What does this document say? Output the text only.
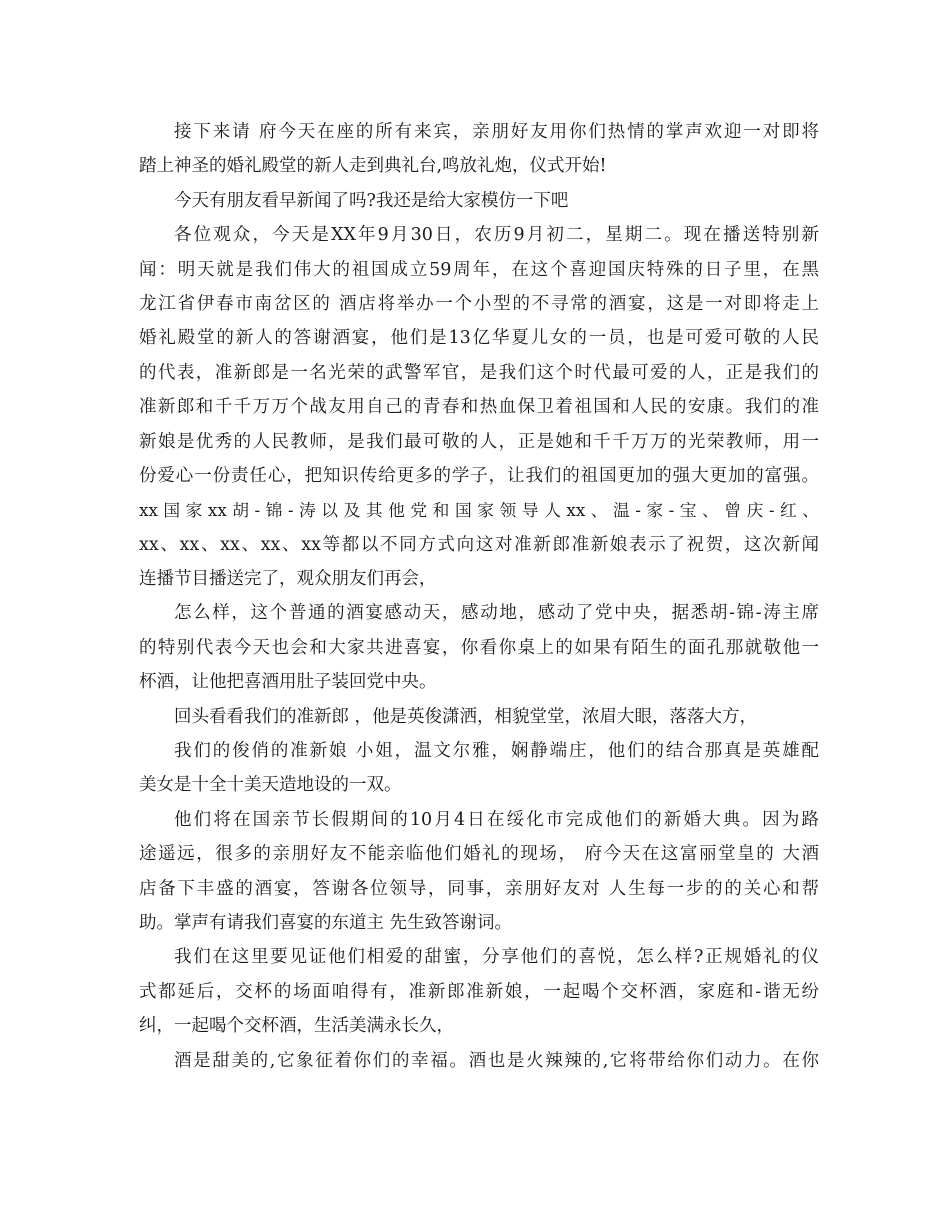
接下来请 府今天在座的所有来宾，亲朋好友用你们热情的掌声欢迎一对即将
踏上神圣的婚礼殿堂的新人走到典礼台,鸣放礼炮，仪式开始!
今天有朋友看早新闻了吗?我还是给大家模仿一下吧
各位观众，今天是XX年9月30日，农历9月初二，星期二。现在播送特别新
闻：明天就是我们伟大的祖国成立59周年，在这个喜迎国庆特殊的日子里，在黑
龙江省伊春市南岔区的 酒店将举办一个小型的不寻常的酒宴，这是一对即将走上
婚礼殿堂的新人的答谢酒宴，他们是13亿华夏儿女的一员，也是可爱可敬的人民
的代表，准新郎是一名光荣的武警军官，是我们这个时代最可爱的人，正是我们的
准新郎和千千万万个战友用自己的青春和热血保卫着祖国和人民的安康。我们的准
新娘是优秀的人民教师，是我们最可敬的人，正是她和千千万万的光荣教师，用一
份爱心一份责任心，把知识传给更多的学子，让我们的祖国更加的强大更加的富强。
xx 国 家 xx 胡 - 锦 - 涛 以 及 其 他 党 和 国 家 领 导 人 xx 、 温 - 家 - 宝 、 曾 庆 - 红 、
xx、xx、xx、xx、xx等都以不同方式向这对准新郎准新娘表示了祝贺，这次新闻
连播节目播送完了，观众朋友们再会，
怎么样，这个普通的酒宴感动天，感动地，感动了党中央，据悉胡-锦-涛主席
的特别代表今天也会和大家共进喜宴，你看你桌上的如果有陌生的面孔那就敬他一
杯酒，让他把喜酒用肚子装回党中央。
回头看看我们的准新郎 ，他是英俊潇洒，相貌堂堂，浓眉大眼，落落大方，
我们的俊俏的准新娘 小姐，温文尔雅，娴静端庄，他们的结合那真是英雄配
美女是十全十美天造地设的一双。
他们将在国亲节长假期间的10月4日在绥化市完成他们的新婚大典。因为路
途遥远，很多的亲朋好友不能亲临他们婚礼的现场， 府今天在这富丽堂皇的 大酒
店备下丰盛的酒宴，答谢各位领导，同事，亲朋好友对 人生每一步的的关心和帮
助。掌声有请我们喜宴的东道主 先生致答谢词。
我们在这里要见证他们相爱的甜蜜，分享他们的喜悦，怎么样?正规婚礼的仪
式都延后，交杯的场面咱得有，准新郎准新娘，一起喝个交杯酒，家庭和-谐无纷
纠，一起喝个交杯酒，生活美满永长久，
酒是甜美的,它象征着你们的幸福。酒也是火辣辣的,它将带给你们动力。在你
